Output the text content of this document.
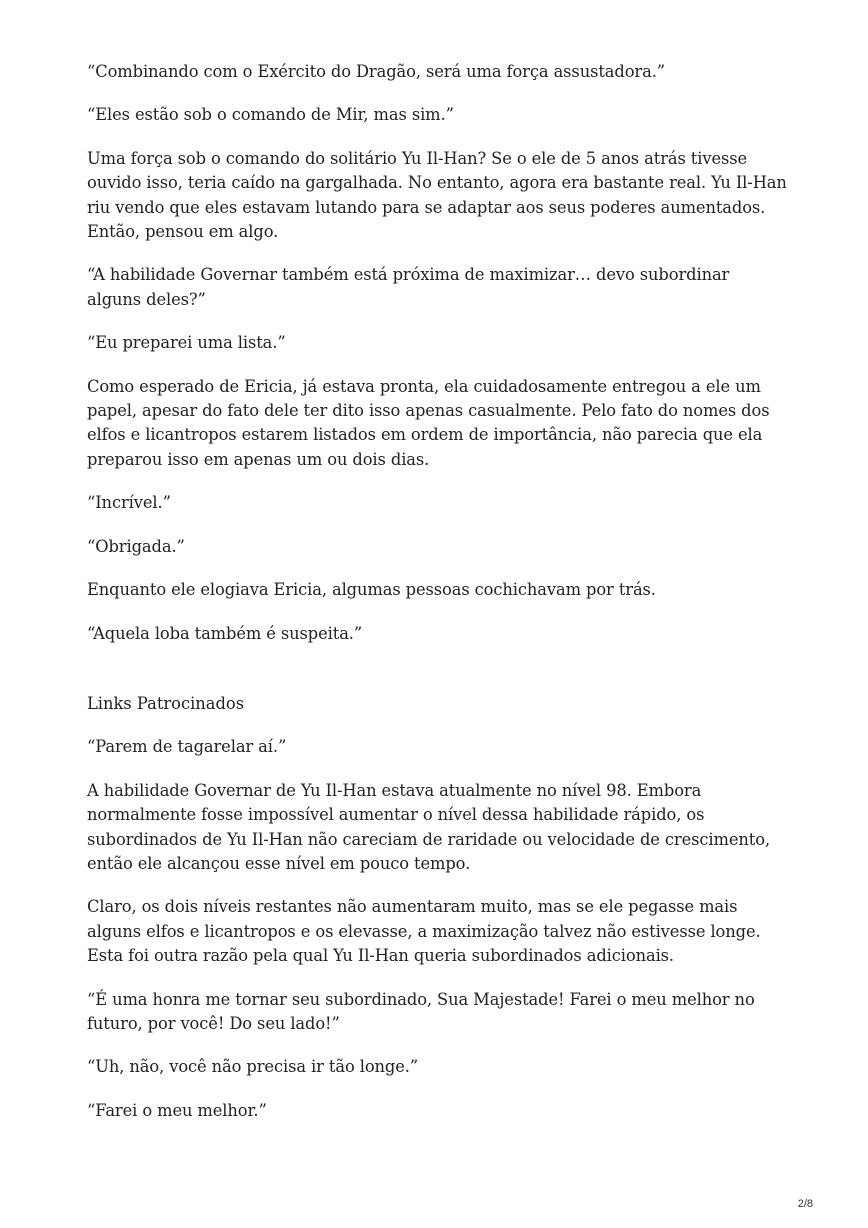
“Combinando com o Exército do Dragão, será uma força assustadora.”

“Eles estão sob o comando de Mir, mas sim.”

Uma força sob o comando do solitário Yu Il-Han? Se o ele de 5 anos atrás tivesse ouvido isso, teria caído na gargalhada. No entanto, agora era bastante real. Yu Il-Han riu vendo que eles estavam lutando para se adaptar aos seus poderes aumentados. Então, pensou em algo.

“A habilidade Governar também está próxima de maximizar… devo subordinar alguns deles?”

“Eu preparei uma lista.”

Como esperado de Ericia, já estava pronta, ela cuidadosamente entregou a ele um papel, apesar do fato dele ter dito isso apenas casualmente. Pelo fato do nomes dos elfos e licantropos estarem listados em ordem de importância, não parecia que ela preparou isso em apenas um ou dois dias.

“Incrível.”

“Obrigada.”

Enquanto ele elogiava Ericia, algumas pessoas cochichavam por trás.

“Aquela loba também é suspeita.”

Links Patrocinados

“Parem de tagarelar aí.”

A habilidade Governar de Yu Il-Han estava atualmente no nível 98. Embora normalmente fosse impossível aumentar o nível dessa habilidade rápido, os subordinados de Yu Il-Han não careciam de raridade ou velocidade de crescimento, então ele alcançou esse nível em pouco tempo.

Claro, os dois níveis restantes não aumentaram muito, mas se ele pegasse mais alguns elfos e licantropos e os elevasse, a maximização talvez não estivesse longe. Esta foi outra razão pela qual Yu Il-Han queria subordinados adicionais.

“É uma honra me tornar seu subordinado, Sua Majestade! Farei o meu melhor no futuro, por você! Do seu lado!”

“Uh, não, você não precisa ir tão longe.”

“Farei o meu melhor.”

2/8
